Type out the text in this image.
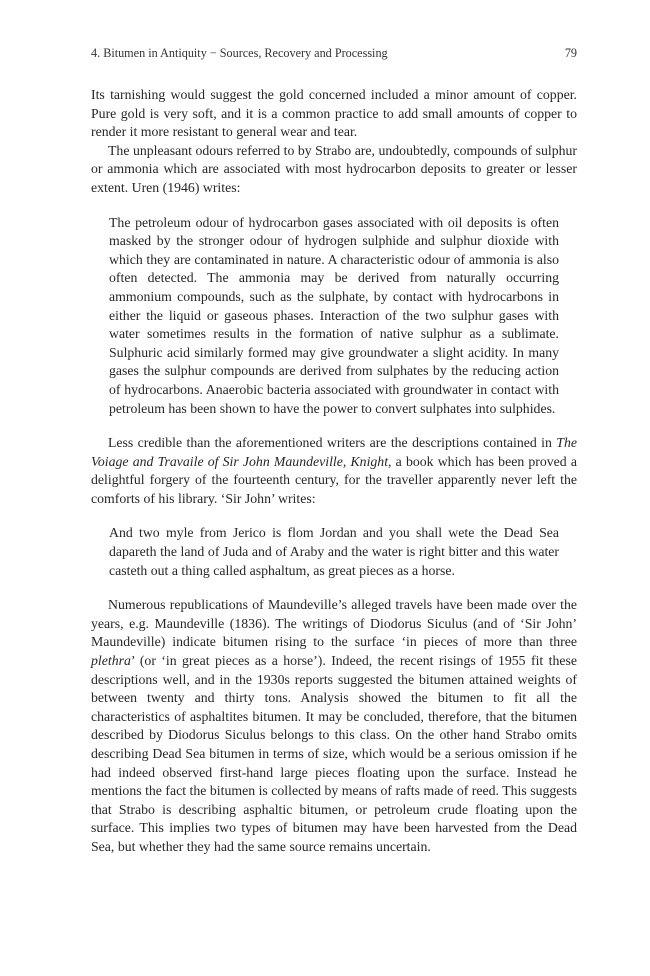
4. Bitumen in Antiquity − Sources, Recovery and Processing	79

Its tarnishing would suggest the gold concerned included a minor amount of copper. Pure gold is very soft, and it is a common practice to add small amounts of copper to render it more resistant to general wear and tear.

The unpleasant odours referred to by Strabo are, undoubtedly, compounds of sulphur or ammonia which are associated with most hydrocarbon deposits to greater or lesser extent. Uren (1946) writes:

The petroleum odour of hydrocarbon gases associated with oil deposits is often masked by the stronger odour of hydrogen sulphide and sulphur dioxide with which they are contaminated in nature. A characteristic odour of ammonia is also often detected. The ammonia may be derived from naturally occurring ammonium compounds, such as the sulphate, by contact with hydrocarbons in either the liquid or gaseous phases. Interaction of the two sulphur gases with water sometimes results in the formation of native sulphur as a sublimate. Sulphuric acid similarly formed may give groundwater a slight acidity. In many gases the sulphur compounds are derived from sulphates by the reducing action of hydrocarbons. Anaerobic bacteria associated with groundwater in contact with petroleum has been shown to have the power to convert sulphates into sulphides.

Less credible than the aforementioned writers are the descriptions contained in The Voiage and Travaile of Sir John Maundeville, Knight, a book which has been proved a delightful forgery of the fourteenth century, for the traveller apparently never left the comforts of his library. ‘Sir John’ writes:

And two myle from Jerico is flom Jordan and you shall wete the Dead Sea dapareth the land of Juda and of Araby and the water is right bitter and this water casteth out a thing called asphaltum, as great pieces as a horse.

Numerous republications of Maundeville’s alleged travels have been made over the years, e.g. Maundeville (1836). The writings of Diodorus Siculus (and of ‘Sir John’ Maundeville) indicate bitumen rising to the surface ‘in pieces of more than three plethra’ (or ‘in great pieces as a horse’). Indeed, the recent risings of 1955 fit these descriptions well, and in the 1930s reports suggested the bitumen attained weights of between twenty and thirty tons. Analysis showed the bitumen to fit all the characteristics of asphaltites bitumen. It may be concluded, therefore, that the bitumen described by Diodorus Siculus belongs to this class. On the other hand Strabo omits describing Dead Sea bitumen in terms of size, which would be a serious omission if he had indeed observed first-hand large pieces floating upon the surface. Instead he mentions the fact the bitumen is collected by means of rafts made of reed. This suggests that Strabo is describing asphaltic bitumen, or petroleum crude floating upon the surface. This implies two types of bitumen may have been harvested from the Dead Sea, but whether they had the same source remains uncertain.
